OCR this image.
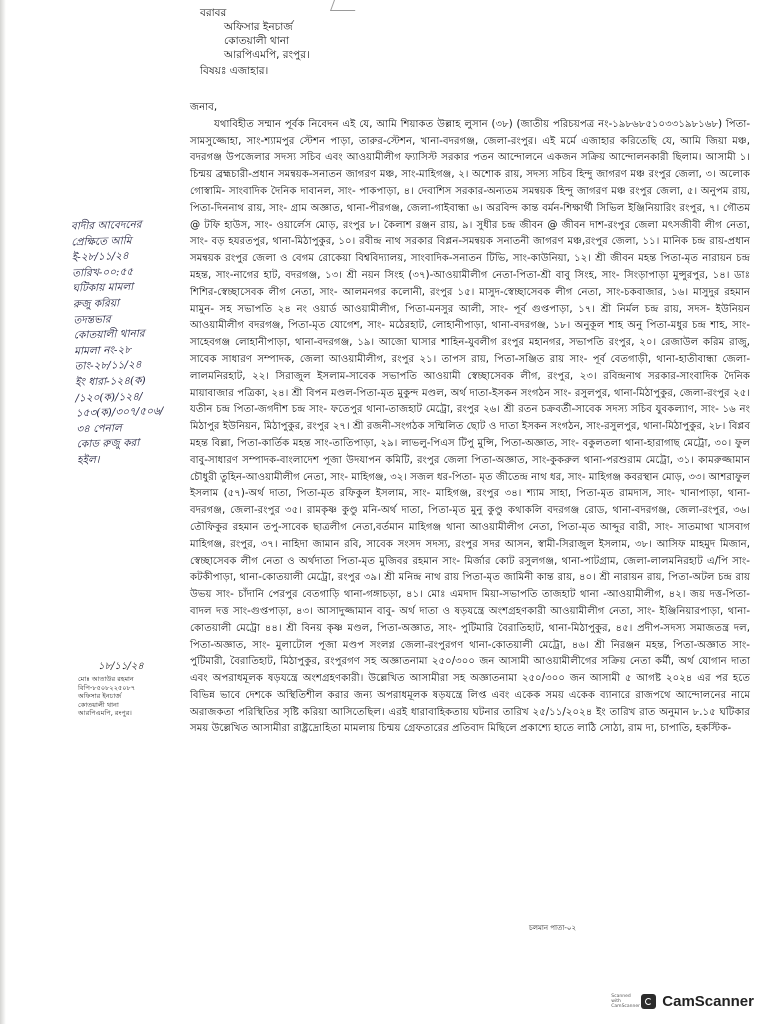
বরাবর
অফিসার ইনচার্জ
কোতয়ালী থানা
আরপিএমপি, রংপুর।
বিষয়ঃ এজাহার।
জনাব,

যথাবিহীত সম্মান পূর্বক নিবেদন এই যে, আমি শিয়াকত উল্লাহ লুসান (৩৮) (জাতীয় পরিচয়পত্র নং-১৯৮৬৮৫১০৩৩১৯৮১৬৮) পিতা-সামসুজ্জোহা, সাং-শ্যামপুর স্টেশন পাড়া, তারুর-স্টেশন, খানা-বদরগঞ্জ, জেলা-রংপুর। এই মর্মে এজাহার করিতেছি যে, আমি জিয়া মঞ্চ, বদরগঞ্জ উপজেলার সদস্য সচিব এবং আওয়ামীলীগ ফ্যাসিস্ট সরকার পতন আন্দোলনে একজন সক্রিয় আন্দোলনকারী ছিলাম। আসামী ১। চিন্ময় ব্রহ্মচারী-প্রধান সমন্বয়ক-সনাতন জাগরণ মঞ্চ, সাং-মাহিগঞ্জ, ২। অশোক রায়, সদস্য সচিব হিন্দু জাগরণ মঞ্চ রংপুর জেলা, ৩। অলোক গোস্বামি- সাংবাদিক দৈনিক দাবানল, সাং- পাকপাড়া, ৪। দেবাশিস সরকার-অন্যতম সমন্বয়ক হিন্দু জাগরণ মঞ্চ রংপুর জেলা, ৫। অনুপম রায়, পিতা-দিননাথ রায়, সাং- গ্রাম অজ্ঞাত, থানা-পীরগঞ্জ, জেলা-গাইবান্ধা ৬। অরবিন্দ কান্ত বর্মন-শিক্ষার্থী সিভিল ইঞ্জিনিয়ারিং রংপুর, ৭। গৌতম @ টফি হাউস, সাং- ওয়ার্লেস মোড়, রংপুর ৮। কৈলাশ রঞ্জন রায়, ৯। সুধীর চন্দ্র জীবন @ জীবন দাশ-রংপুর জেলা মৎসজীবী লীগ নেতা, সাং- বড় হযরতপুর, থানা-মিঠাপুকুর, ১০। রবীন্দ্র নাথ সরকার বিপ্লন-সমন্বয়ক সনাতনী জাগরণ মঞ্চ,রংপুর জেলা, ১১। মানিক চন্দ্র রায়-প্রধান সমন্বয়ক রংপুর জেলা ও বেগম রোকেয়া বিশ্ববিদ্যালয়, সাংবাদিক-সনাতন টিভি, সাং-কাউনিয়া, ১২। শ্রী জীবন মহন্ত পিতা-মৃত নারায়ন চন্দ্র মহন্ত, সাং-নাগের হাট, বদরগঞ্জ, ১৩। শ্রী নয়ন সিংহ (৩৭)-আওয়ামীলীগ নেতা-পিতা-শ্রী বাবু সিংহ, সাং- সিংড়াপাড়া মুন্সুরপুর, ১৪। ডাঃ শিশির-স্বেচ্ছাসেবক লীগ নেতা, সাং- আলমনগর কলোনী, রংপুর ১৫। মাসুদ-স্বেচ্ছাসেবক লীগ নেতা, সাং-চকবাজার, ১৬। মাসুদুর রহমান মামুন- সহ সভাপতি ২৪ নং ওয়ার্ড আওয়ামীলীগ, পিতা-মনসুর আলী, সাং- পূর্ব গুপ্তপাড়া, ১৭। শ্রী নির্মল চন্দ্র রায়, সদস- ইউনিয়ন আওয়ামীলীগ বদরগঞ্জ, পিতা-মৃত যোগেশ, সাং- মঠেরহাট, লোহানীপাড়া, থানা-বদরগঞ্জ, ১৮। অনুকূল শাহ অনু পিতা-মধুর চন্দ্র শাহ, সাং- সাহেবগঞ্জ লোহানীপাড়া, থানা-বদরগঞ্জ, ১৯। আজো ঘাসার শাহিন-যুবলীগ রংপুর মহানগর, সভাপতি রংপুর, ২০। রেজাউল করিম রাজু, সাবেক সাধারণ সম্পাদক, জেলা আওয়ামীলীগ, রংপুর ২১। তাপস রায়, পিতা-সঞ্জিত রায় সাং- পূর্ব বেতগাড়ী, থানা-হাতীবান্ধা জেলা-লালমনিরহাট, ২২। সিরাজুল ইসলাম-সাবেক সভাপতি আওয়ামী স্বেচ্ছাসেবক লীগ, রংপুর, ২৩। রবিন্দ্রনাথ সরকার-সাংবাদিক দৈনিক মায়াবাজার পত্রিকা, ২৪। শ্রী বিপন মণ্ডল-পিতা-মৃত মুকুন্দ মণ্ডল, অর্থ দাতা-ইসকন সংগঠন সাং- রসুলপুর, থানা-মিঠাপুকুর, জেলা-রংপুর ২৫। যতীন চন্দ্র পিতা-জগদীশ চন্দ্র সাং- ফতেপুর থানা-তাজহাট মেট্রো, রংপুর ২৬। শ্রী রতন চক্রবর্তী-সাবেক সদস্য সচিব যুবকল্যাণ, সাং- ১৬ নং মিঠাপুর ইউনিয়ন, মিঠাপুকুর, রংপুর ২৭। শ্রী রজনী-সংগঠক সম্মিলিত ছোট ও দাতা ইসকন সংগঠন, সাং-রসুলপুর, থানা-মিঠাপুকুর, ২৮। বিপ্লব মহন্ত বিল্লা, পিতা-কার্তিক মহন্ত সাং-তাতিপাড়া, ২৯। লাভলু-পিএস টিপু মুন্সি, পিতা-অজ্ঞাত, সাং- বকুলতলা থানা-হারাগাছ মেট্রো, ৩০। ফুল বাবু-সাধারণ সম্পাদক-বাংলাদেশ পূজা উদযাপন কমিটি, রংপুর জেলা পিতা-অজ্ঞাত, সাং-কুকরুল থানা-পরশুরাম মেট্রো, ৩১। কামরুজ্জামান চৌধুরী তুহিন-আওয়ামীলীগ নেতা, সাং- মাহিগঞ্জ, ৩২। সজল ধর-পিতা- মৃত জীতেন্দ্র নাথ ধর, সাং- মাহিগঞ্জ কবরস্থান মোড়, ৩৩। আশরাফুল ইসলাম (৫৭)-অর্থ দাতা, পিতা-মৃত রফিকুল ইসলাম, সাং- মাহিগঞ্জ, রংপুর ৩৪। শ্যাম সাহা, পিতা-মৃত রামদাস, সাং- খানাপাড়া, থানা-বদরগঞ্জ, জেলা-রংপুর ৩৫। রামকৃষ্ণ কুণ্ডু মনি-অর্থ দাতা, পিতা-মৃত মুনু কুণ্ডু কথাকলি বদরগঞ্জ রোড, থানা-বদরগঞ্জ, জেলা-রংপুর, ৩৬। তৌফিকুর রহমান তপু-সাবেক ছাত্রলীগ নেতা,বর্তমান মাহিগঞ্জ থানা আওয়ামীলীগ নেতা, পিতা-মৃত আব্দুর বারী, সাং- সাতমাথা খাসবাগ মাহিগঞ্জ, রংপুর, ৩৭। নাহিদা জামান রবি, সাবেক সংসদ সদস্য, রংপুর সদর আসন, স্বামী-সিরাজুল ইসলাম, ৩৮। আসিফ মাহমুদ মিজান, স্বেচ্ছাসেবক লীগ নেতা ও অর্থদাতা পিতা-মৃত মুজিবর রহমান সাং- মির্জার কোট রসুলগঞ্জ, থানা-পাটগ্রাম, জেলা-লালমনিরহাট এ/পি সাং- কটকীপাড়া, থানা-কোতয়ালী মেট্রো, রংপুর ৩৯। শ্রী মনিন্দ্র নাথ রায় পিতা-মৃত জামিনী কান্ত রায়, ৪০। শ্রী নারায়ন রায়, পিতা-অটল চন্দ্র রায় উভয় সাং- চাঁদানি পেরপুর বেতগাড়ি থানা-গঙ্গাচড়া, ৪১। মোঃ এমদাদ মিয়া-সভাপতি তাজহাট থানা -আওয়ামীলীগ, ৪২। জয় দত্ত-পিতা-বাদল দত্ত সাং-গুপ্তপাড়া, ৪৩। আসাদুজ্জামান বাবু- অর্থ দাতা ও ষড়যন্ত্রে অংশগ্রহণকারী আওয়ামীলীগ নেতা, সাং- ইঞ্জিনিয়ারপাড়া, থানা-কোতয়ালী মেট্রো ৪৪। শ্রী বিনয় কৃষ্ণ মণ্ডল, পিতা-অজ্ঞাত, সাং- পুটিমারি বৈরাতিহাট, থানা-মিঠাপুকুর, ৪৫। প্রদীপ-সদস্য সমাজতন্ত্র দল, পিতা-অজ্ঞাত, সাং- মুলাটোল পূজা মণ্ডপ সংলগ্ন জেলা-রংপুরগণ থানা-কোতয়ালী মেট্রো, ৪৬। শ্রী নিরঞ্জন মহন্ত, পিতা-অজ্ঞাত সাং- পুটিমারী, বৈরাতিহাট, মিঠাপুকুর, রংপুরগণ সহ অজ্ঞাতনামা ২৫০/৩০০ জন আসামী আওয়ামীলীগের সক্রিয় নেতা কর্মী, অর্থ যোগান দাতা এবং অপরাধমূলক ষড়যন্ত্রে অংশগ্রহণকারী। উল্লেখিত আসামীরা সহ অজ্ঞাতনামা ২৫০/৩০০ জন আসামী ৫ আগষ্ট ২০২৪ এর পর হতে বিভিন্ন ভাবে দেশকে অস্থিতিশীল করার জন্য অপরাধমূলক ষড়যন্ত্রে লিপ্ত এবং একেক সময় একেক ব্যানারে রাজপথে আন্দোলনের নামে অরাজকতা পরিস্থিতির সৃষ্টি করিয়া আসিতেছিল। এরই ধারাবাহিকতায় ঘটনার তারিখ ২৫/১১/২০২৪ ইং তারিখ রাত অনুমান ৮.১৫ ঘটিকার সময় উল্লেখিত আসামীরা রাষ্ট্রদ্রোহিতা মামলায় চিন্ময় গ্রেফতারের প্রতিবাদ মিছিলে প্রকাশ্যে হাতে লাঠি সোঠা, রাম দা, চাপাতি, হকস্টিক-

বাদীর আবেদনের
প্রেক্ষিতে আমি
ই-২৮/১১/২৪
তারিখ-০০:৫৫
ঘটিকায় মামলা
রুজু করিয়া
তদন্তভার
কোতয়ালী থানার
মামলা নং-২৮
তাং-২৮/১১/২৪
ইং ধারা-১২৪(ক)
/১২০(ক)/১২৪/
১৫৩(ক)/৩০৭/৫০৬/
৩৪ পেনাল
কোড রুজু করা
হইল।
১৮/১১/২৪
মোঃ আতাউর রহমান
বিপি-৮৫০৮২২৫০৮৭
অফিসার ইনচার্জ
কোতয়ালী থানা
আরপিএমপি, রংপুর।
চলমান পাতা-০২
Scanned with
CamScanner CamScanner
